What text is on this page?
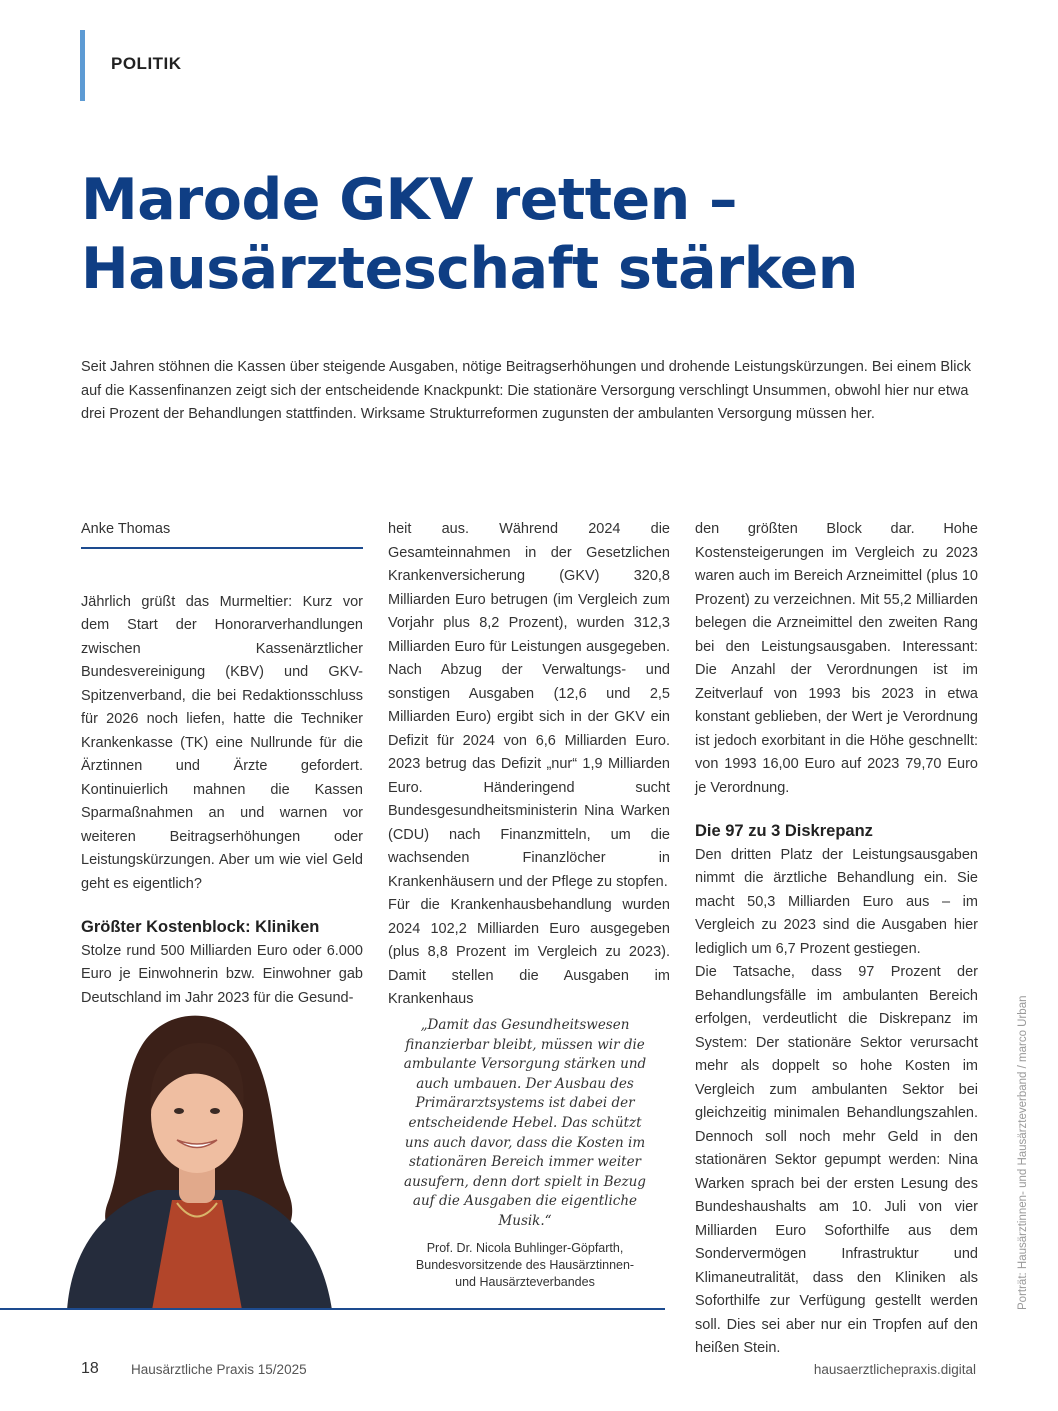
POLITIK
Marode GKV retten –
Hausärzteschaft stärken
Seit Jahren stöhnen die Kassen über steigende Ausgaben, nötige Beitragserhöhungen und drohende Leistungskürzungen. Bei einem Blick auf die Kassenfinanzen zeigt sich der entscheidende Knackpunkt: Die stationäre Versorgung verschlingt Unsummen, obwohl hier nur etwa drei Prozent der Behandlungen stattfinden. Wirksame Strukturreformen zugunsten der ambulanten Versorgung müssen her.
Anke Thomas

Jährlich grüßt das Murmeltier: Kurz vor dem Start der Honorarverhandlungen zwischen Kassenärztlicher Bundesvereinigung (KBV) und GKV-Spitzenverband, die bei Redaktionsschluss für 2026 noch liefen, hatte die Techniker Krankenkasse (TK) eine Nullrunde für die Ärztinnen und Ärzte gefordert. Kontinuierlich mahnen die Kassen Sparmaßnahmen an und warnen vor weiteren Beitragserhöhungen oder Leistungskürzungen. Aber um wie viel Geld geht es eigentlich?

Größter Kostenblock: Kliniken

Stolze rund 500 Milliarden Euro oder 6.000 Euro je Einwohnerin bzw. Einwohner gab Deutschland im Jahr 2023 für die Gesund-

heit aus. Während 2024 die Gesamteinnahmen in der Gesetzlichen Krankenversicherung (GKV) 320,8 Milliarden Euro betrugen (im Vergleich zum Vorjahr plus 8,2 Prozent), wurden 312,3 Milliarden Euro für Leistungen ausgegeben. Nach Abzug der Verwaltungs- und sonstigen Ausgaben (12,6 und 2,5 Milliarden Euro) ergibt sich in der GKV ein Defizit für 2024 von 6,6 Milliarden Euro. 2023 betrug das Defizit „nur“ 1,9 Milliarden Euro. Händeringend sucht Bundesgesundheitsministerin Nina Warken (CDU) nach Finanzmitteln, um die wachsenden Finanzlöcher in Krankenhäusern und der Pflege zu stopfen.

Für die Krankenhausbehandlung wurden 2024 102,2 Milliarden Euro ausgegeben (plus 8,8 Prozent im Vergleich zu 2023). Damit stellen die Ausgaben im Krankenhaus

den größten Block dar. Hohe Kostensteigerungen im Vergleich zu 2023 waren auch im Bereich Arzneimittel (plus 10 Prozent) zu verzeichnen. Mit 55,2 Milliarden belegen die Arzneimittel den zweiten Rang bei den Leistungsausgaben. Interessant: Die Anzahl der Verordnungen ist im Zeitverlauf von 1993 bis 2023 in etwa konstant geblieben, der Wert je Verordnung ist jedoch exorbitant in die Höhe geschnellt: von 1993 16,00 Euro auf 2023 79,70 Euro je Verordnung.

Die 97 zu 3 Diskrepanz

Den dritten Platz der Leistungsausgaben nimmt die ärztliche Behandlung ein. Sie macht 50,3 Milliarden Euro aus – im Vergleich zu 2023 sind die Ausgaben hier lediglich um 6,7 Prozent gestiegen.

Die Tatsache, dass 97 Prozent der Behandlungsfälle im ambulanten Bereich erfolgen, verdeutlicht die Diskrepanz im System: Der stationäre Sektor verursacht mehr als doppelt so hohe Kosten im Vergleich zum ambulanten Sektor bei gleichzeitig minimalen Behandlungszahlen. Dennoch soll noch mehr Geld in den stationären Sektor gepumpt werden: Nina Warken sprach bei der ersten Lesung des Bundeshaushalts am 10. Juli von vier Milliarden Euro Soforthilfe aus dem Sondervermögen Infrastruktur und Klimaneutralität, dass den Kliniken als Soforthilfe zur Verfügung gestellt werden soll. Dies sei aber nur ein Tropfen auf den heißen Stein.

„Damit das Gesundheitswesen finanzierbar bleibt, müssen wir die ambulante Versorgung stärken und auch umbauen. Der Ausbau des Primärarztsystems ist dabei der entscheidende Hebel. Das schützt uns auch davor, dass die Kosten im stationären Bereich immer weiter ausufern, denn dort spielt in Bezug auf die Ausgaben die eigentliche Musik.“
Prof. Dr. Nicola Buhlinger-Göpfarth, Bundesvorsitzende des Hausärztinnen- und Hausärzteverbandes	Porträt: Hausärztinnen- und Hausärzteverband / marco Urban
18 Hausärztliche Praxis 15/2025	hausaerztlichepraxis.digital
